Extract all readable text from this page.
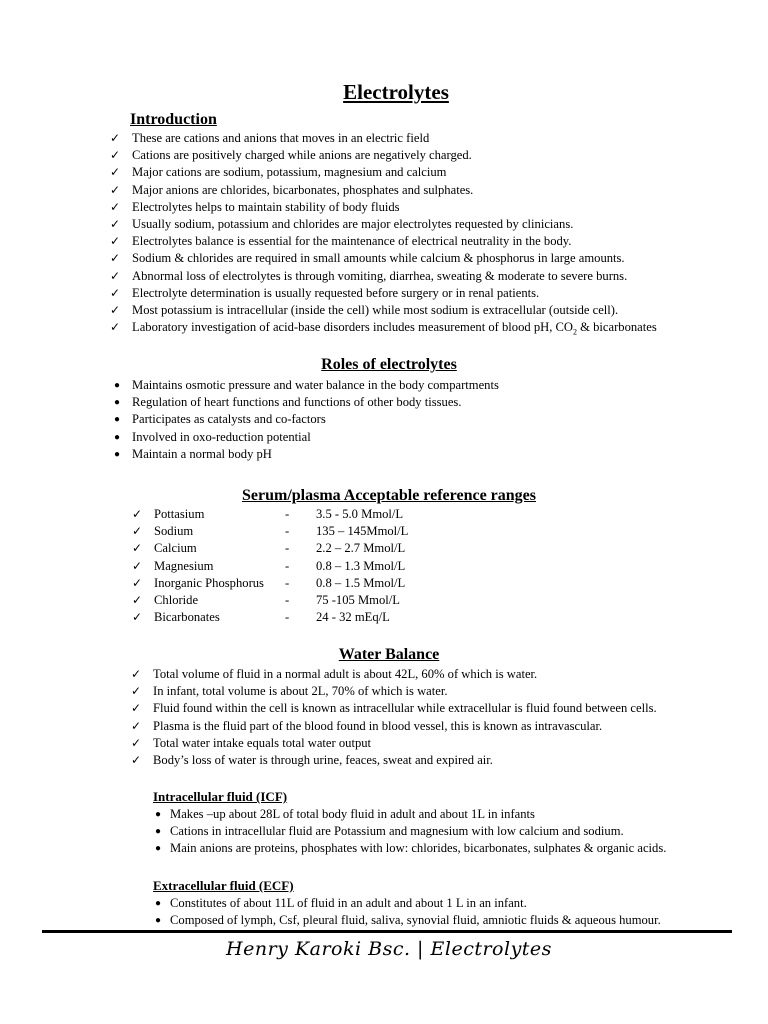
Electrolytes
Introduction
✓ These are cations and anions that moves in an electric field
✓ Cations are positively charged while anions are negatively charged.
✓ Major cations are sodium, potassium, magnesium and calcium
✓ Major anions are chlorides, bicarbonates, phosphates and sulphates.
✓ Electrolytes helps to maintain stability of body fluids
✓ Usually sodium, potassium and chlorides are major electrolytes requested by clinicians.
✓ Electrolytes balance is essential for the maintenance of electrical neutrality in the body.
✓ Sodium & chlorides are required in small amounts while calcium & phosphorus in large amounts.
✓ Abnormal loss of electrolytes is through vomiting, diarrhea, sweating & moderate to severe burns.
✓ Electrolyte determination is usually requested before surgery or in renal patients.
✓ Most potassium is intracellular (inside the cell) while most sodium is extracellular (outside cell).
✓ Laboratory investigation of acid-base disorders includes measurement of blood pH, $CO_2$ & bicarbonates
Roles of electrolytes
● Maintains osmotic pressure and water balance in the body compartments
● Regulation of heart functions and functions of other body tissues.
● Participates as catalysts and co-factors
● Involved in oxo-reduction potential
● Maintain a normal body pH
Serum/plasma Acceptable reference ranges
✓ Pottasium	- 3.5 - 5.0 Mmol/L
✓ Sodium	- 135 – 145Mmol/L
✓ Calcium	- 2.2 – 2.7 Mmol/L
✓ Magnesium	- 0.8 – 1.3 Mmol/L
✓ Inorganic Phosphorus - 0.8 – 1.5 Mmol/L
✓ Chloride	- 75 -105 Mmol/L
✓ Bicarbonates	- 24 - 32 mEq/L
Water Balance
✓ Total volume of fluid in a normal adult is about 42L, 60% of which is water.
✓ In infant, total volume is about 2L, 70% of which is water.
✓ Fluid found within the cell is known as intracellular while extracellular is fluid found between cells.
✓ Plasma is the fluid part of the blood found in blood vessel, this is known as intravascular.
✓ Total water intake equals total water output
✓ Body’s loss of water is through urine, feaces, sweat and expired air.
Intracellular fluid (ICF)
● Makes –up about 28L of total body fluid in adult and about 1L in infants
● Cations in intracellular fluid are Potassium and magnesium with low calcium and sodium.
● Main anions are proteins, phosphates with low: chlorides, bicarbonates, sulphates & organic acids.
Extracellular fluid (ECF)
● Constitutes of about 11L of fluid in an adult and about 1 L in an infant.
● Composed of lymph, Csf, pleural fluid, saliva, synovial fluid, amniotic fluids & aqueous humour.
Henry Karoki Bsc. | Electrolytes
